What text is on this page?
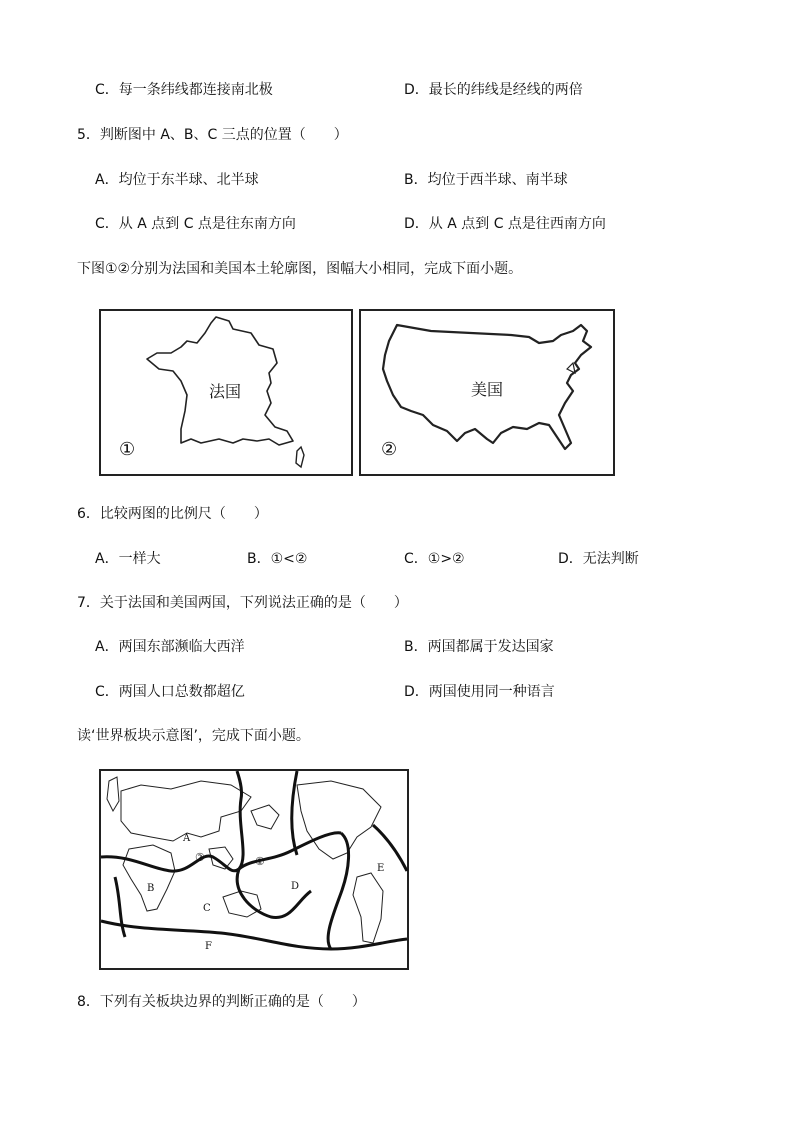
C．每一条纬线都连接南北极	D．最长的纬线是经线的两倍
5．判断图中 A、B、C 三点的位置（　　）
A．均位于东半球、北半球	B．均位于西半球、南半球
C．从 A 点到 C 点是往东南方向	D．从 A 点到 C 点是往西南方向
下图①②分别为法国和美国本土轮廓图，图幅大小相同，完成下面小题。
法国
①
美国
②
6．比较两图的比例尺（　　）
A．一样大	B．①<②	C．①>②	D．无法判断
7．关于法国和美国两国，下列说法正确的是（　　）
A．两国东部濒临大西洋	B．两国都属于发达国家
C．两国人口总数都超亿	D．两国使用同一种语言
读‘世界板块示意图’，完成下面小题。
A
B
C
D
E
F
①
②
8．下列有关板块边界的判断正确的是（　　）
